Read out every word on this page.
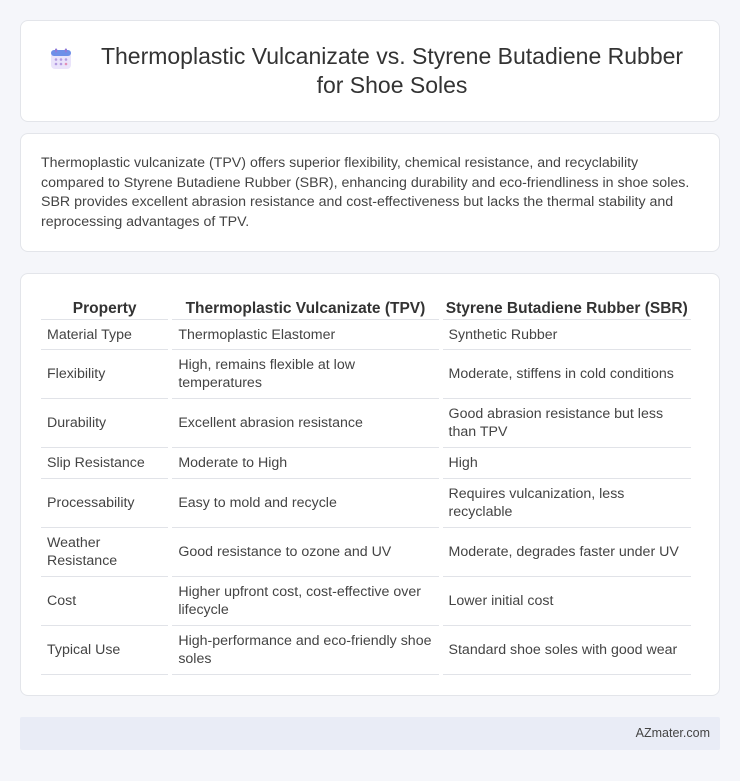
Thermoplastic Vulcanizate vs. Styrene Butadiene Rubber for Shoe Soles

Thermoplastic vulcanizate (TPV) offers superior flexibility, chemical resistance, and recyclability compared to Styrene Butadiene Rubber (SBR), enhancing durability and eco-friendliness in shoe soles. SBR provides excellent abrasion resistance and cost-effectiveness but lacks the thermal stability and reprocessing advantages of TPV.

Property	Thermoplastic Vulcanizate (TPV)	Styrene Butadiene Rubber (SBR)
Material Type	Thermoplastic Elastomer	Synthetic Rubber
Flexibility	High, remains flexible at low temperatures	Moderate, stiffens in cold conditions
Durability	Excellent abrasion resistance	Good abrasion resistance but less than TPV
Slip Resistance	Moderate to High	High
Processability	Easy to mold and recycle	Requires vulcanization, less recyclable
Weather Resistance	Good resistance to ozone and UV	Moderate, degrades faster under UV
Cost	Higher upfront cost, cost-effective over lifecycle	Lower initial cost
Typical Use	High-performance and eco-friendly shoe soles	Standard shoe soles with good wear
AZmater.com
